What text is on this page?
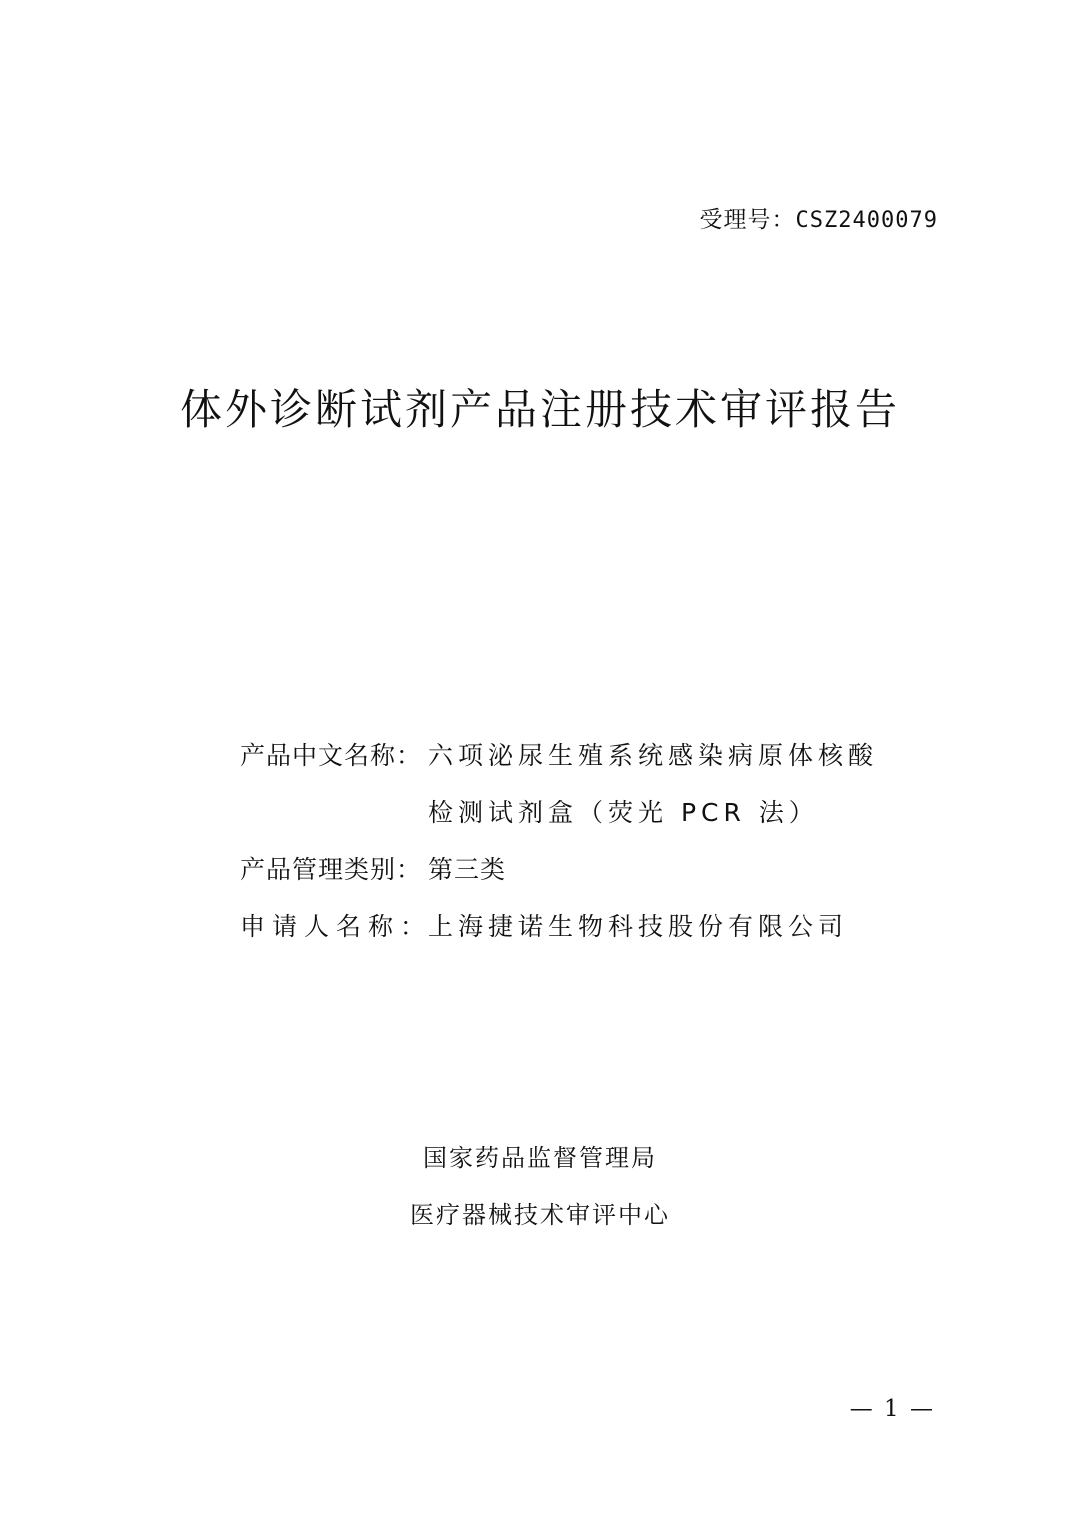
受理号：CSZ2400079
体外诊断试剂产品注册技术审评报告
产品中文名称： 六项泌尿生殖系统感染病原体核酸
检测试剂盒（荧光 PCR 法）
产品管理类别： 第三类
申请人名称：
上海捷诺生物科技股份有限公司
国家药品监督管理局
医疗器械技术审评中心
— 1 —
